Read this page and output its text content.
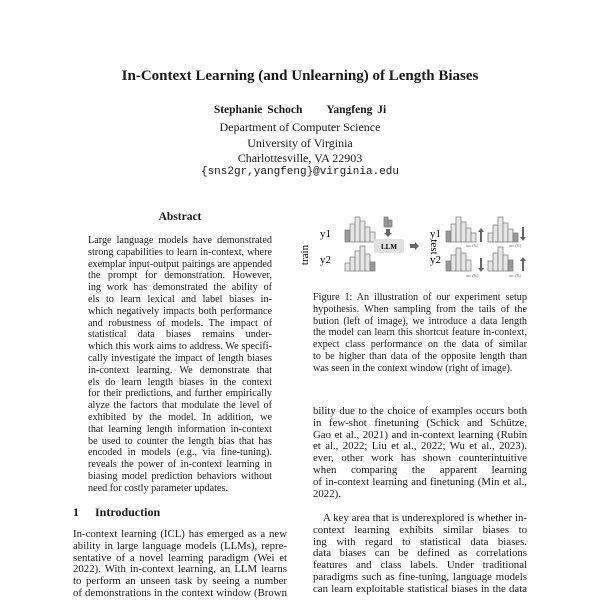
In-Context Learning (and Unlearning) of Length Biases
Stephanie Schoch Yangfeng Ji
Department of Computer Science
University of Virginia
Charlottesville, VA 22903
{sns2gr,yangfeng}@virginia.edu
Abstract
Large language models have demonstrated
strong capabilities to learn in-context, where
exemplar input-output pairings are appended
the prompt for demonstration. However,
ing work has demonstrated the ability of
els to learn lexical and label biases in-
which negatively impacts both performance
and robustness of models. The impact of
statistical data biases remains under-
which this work aims to address. We specifi-
cally investigate the impact of length biases
in-context learning. We demonstrate that
els do learn length biases in the context
for their predictions, and further empirically
alyze the factors that modulate the level of
exhibited by the model. In addition, we
that learning length information in-context
be used to counter the length bias that has
encoded in models (e.g., via fine-tuning).
reveals the power of in-context learning in
biasing model prediction behaviors without
need for costly parameter updates.
1 Introduction
In-context learning (ICL) has emerged as a new
ability in large language models (LLMs), repre-
sentative of a novel learning paradigm (Wei et
2022). With in-context learning, an LLM learns
to perform an unseen task by seeing a number
of demonstrations in the context window (Brown
LLM
train	test
y1
y2
y1
y2
acc (%)	acc (%)
acc (%)	acc (%)
Figure 1: An illustration of our experiment setup
hypothesis. When sampling from the tails of the
bution (left of image), we introduce a data length
the model can learn this shortcut feature in-context,
expect class performance on the data of similar
to be higher than data of the opposite length than
was seen in the context window (right of image).
bility due to the choice of examples occurs both
in few-shot finetuning (Schick and Schütze,
Gao et al., 2021) and in-context learning (Rubin
et al., 2022; Liu et al., 2022; Wu et al., 2023).
ever, other work has shown counterintuitive
when comparing the apparent learning
of in-context learning and finetuning (Min et al.,
2022).
A key area that is underexplored is whether in-
context learning exhibits similar biases to
ing with regard to statistical data biases.
data biases can be defined as correlations
features and class labels. Under traditional
paradigms such as fine-tuning, language models
can learn exploitable statistical biases in the data
